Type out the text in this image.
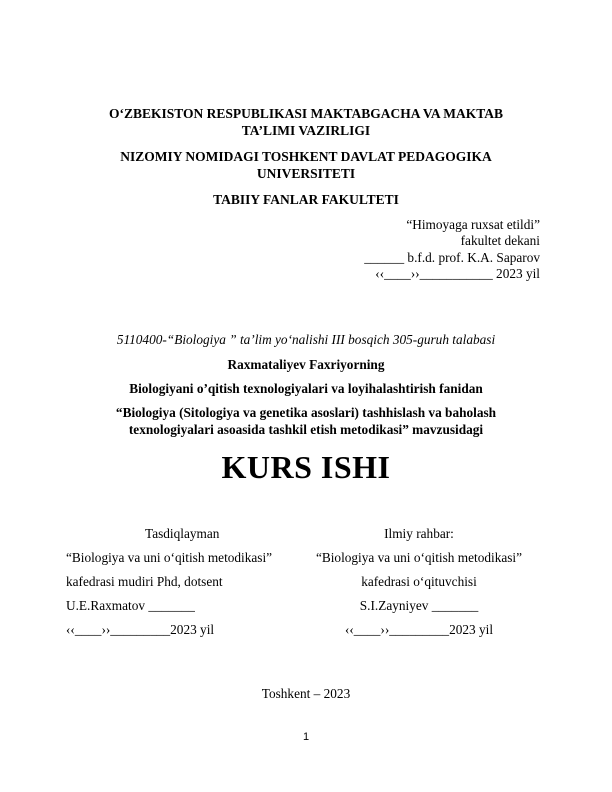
O‘ZBEKISTON RESPUBLIKASI MAKTABGACHA VA MAKTAB
TA’LIMI VAZIRLIGI
NIZOMIY NOMIDAGI TOSHKENT DAVLAT PEDAGOGIKA
UNIVERSITETI
TABIIY FANLAR FAKULTETI
“Himoyaga ruxsat etildi”
fakultet dekani
______ b.f.d. prof. K.A. Saparov
‹‹____››___________ 2023 yil
5110400-“Biologiya ” ta’lim yo‘nalishi III bosqich 305-guruh talabasi
Raxmataliyev Faxriyorning
Biologiyani o’qitish texnologiyalari va loyihalashtirish fanidan
“Biologiya (Sitologiya va genetika asoslari) tashhislash va baholash
texnologiyalari asoasida tashkil etish metodikasi” mavzusidagi
KURS ISHI
Tasdiqlayman
“Biologiya va uni o‘qitish metodikasi”
kafedrasi mudiri Phd, dotsent
U.E.Raxmatov _______
‹‹____››_________2023 yil
Ilmiy rahbar:
“Biologiya va uni o‘qitish metodikasi”
kafedrasi o‘qituvchisi
S.I.Zayniyev _______
‹‹____››_________2023 yil
Toshkent – 2023
1
